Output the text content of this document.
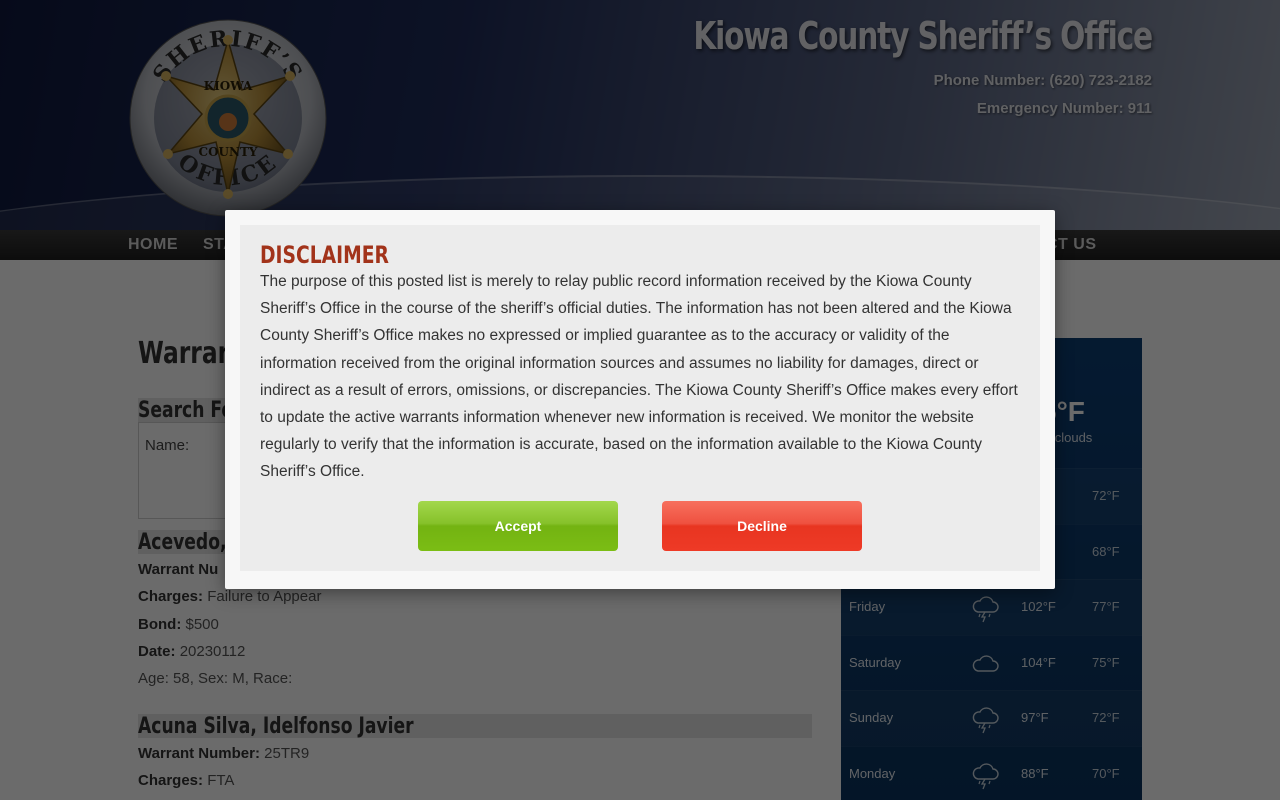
DISCLAIMER

The purpose of this posted list is merely to relay public record information received by the Kiowa County Sheriff’s Office in the course of the sheriff’s official duties. The information has not been altered and the Kiowa County Sheriff’s Office makes no expressed or implied guarantee as to the accuracy or validity of the information received from the original information sources and assumes no liability for damages, direct or indirect as a result of errors, omissions, or discrepancies. The Kiowa County Sheriff’s Office makes every effort to update the active warrants information whenever new information is received. We monitor the website regularly to verify that the information is accurate, based on the information available to the Kiowa County Sheriff’s Office.

Accept	Decline
